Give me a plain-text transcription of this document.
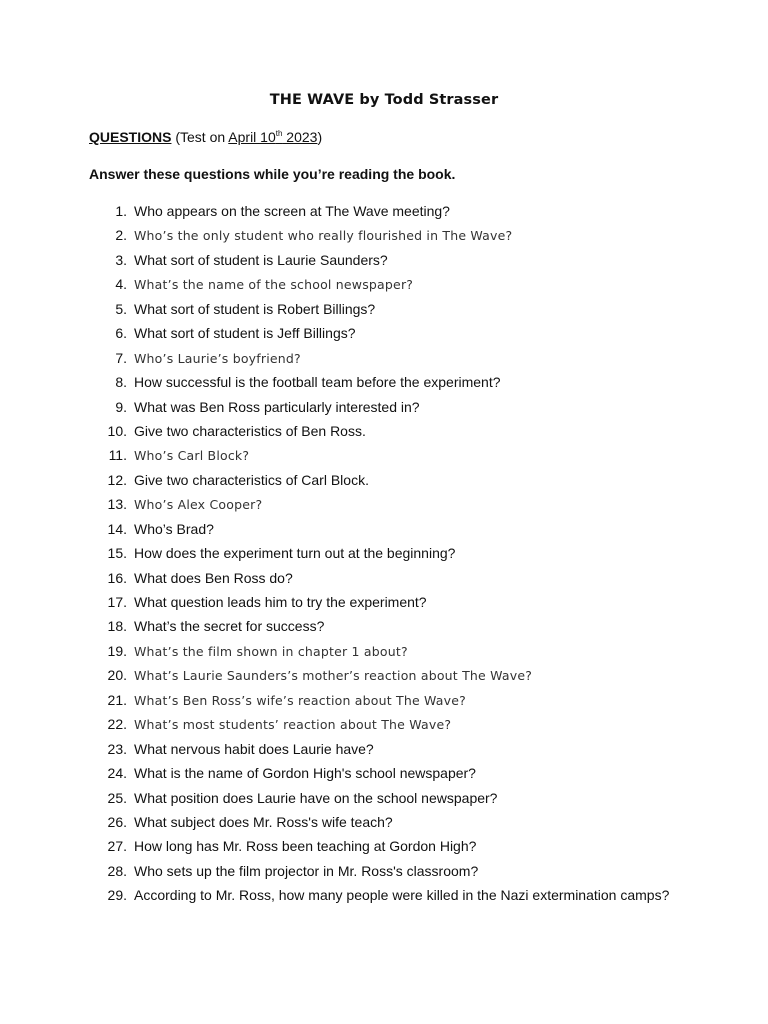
THE WAVE by Todd Strasser
QUESTIONS (Test on April 10th 2023)
Answer these questions while you’re reading the book.
1. Who appears on the screen at The Wave meeting?
2. Who’s the only student who really flourished in The Wave?
3. What sort of student is Laurie Saunders?
4. What’s the name of the school newspaper?
5. What sort of student is Robert Billings?
6. What sort of student is Jeff Billings?
7. Who’s Laurie’s boyfriend?
8. How successful is the football team before the experiment?
9. What was Ben Ross particularly interested in?
10. Give two characteristics of Ben Ross.
11. Who’s Carl Block?
12. Give two characteristics of Carl Block.
13. Who’s Alex Cooper?
14. Who’s Brad?
15. How does the experiment turn out at the beginning?
16. What does Ben Ross do?
17. What question leads him to try the experiment?
18. What’s the secret for success?
19. What’s the film shown in chapter 1 about?
20. What’s Laurie Saunders’s mother’s reaction about The Wave?
21. What’s Ben Ross’s wife’s reaction about The Wave?
22. What’s most students’ reaction about The Wave?
23. What nervous habit does Laurie have?
24. What is the name of Gordon High's school newspaper?
25. What position does Laurie have on the school newspaper?
26. What subject does Mr. Ross's wife teach?
27. How long has Mr. Ross been teaching at Gordon High?
28. Who sets up the film projector in Mr. Ross's classroom?
29. According to Mr. Ross, how many people were killed in the Nazi extermination camps?
